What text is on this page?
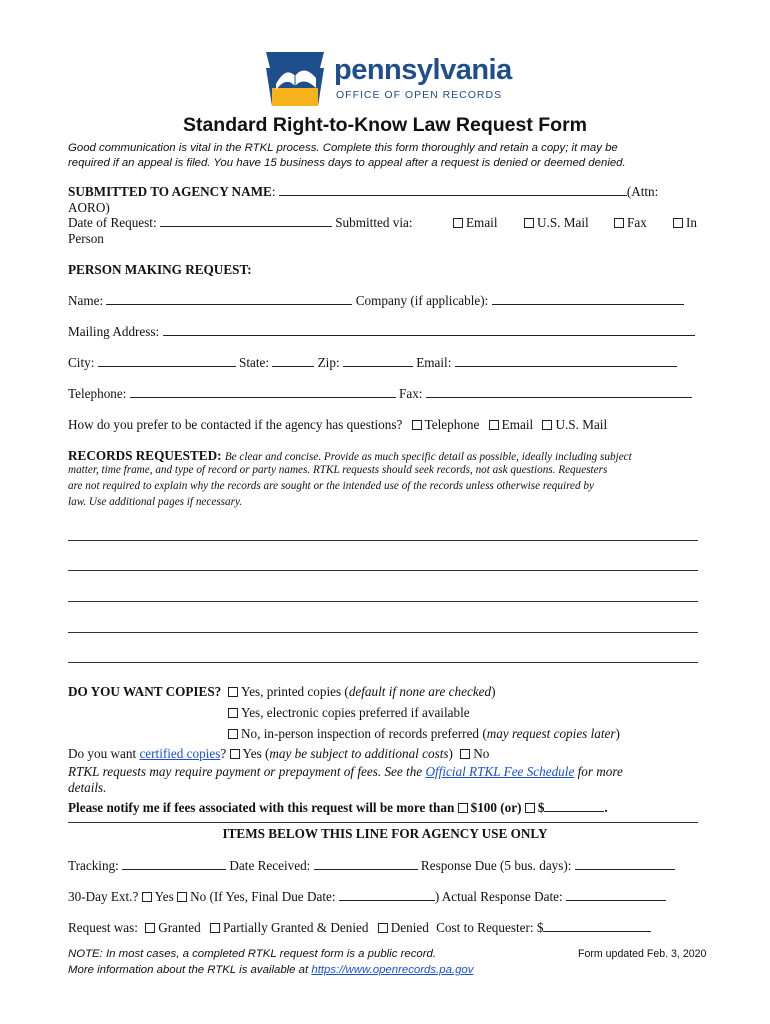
pennsylvania
OFFICE OF OPEN RECORDS
Standard Right-to-Know Law Request Form
Good communication is vital in the RTKL process. Complete this form thoroughly and retain a copy; it may be
required if an appeal is filed. You have 15 business days to appeal after a request is denied or deemed denied.
SUBMITTED TO AGENCY NAME:	(Attn: AORO)
Date of Request:	Submitted via:	Email	U.S. Mail	Fax	In
Person
PERSON MAKING REQUEST:
Name:	Company (if applicable):
Mailing Address:
City:	State:	Zip:	Email:
Telephone:	Fax:
How do you prefer to be contacted if the agency has questions? Telephone Email U.S. Mail
RECORDS REQUESTED: Be clear and concise. Provide as much specific detail as possible, ideally including subject
matter, time frame, and type of record or party names. RTKL requests should seek records, not ask questions. Requesters
are not required to explain why the records are sought or the intended use of the records unless otherwise required by
law. Use additional pages if necessary.
DO YOU WANT COPIES?	Yes, printed copies (default if none are checked)
Yes, electronic copies preferred if available
No, in-person inspection of records preferred (may request copies later)
Do you want certified copies? Yes (may be subject to additional costs) No
RTKL requests may require payment or prepayment of fees. See the Official RTKL Fee Schedule for more
details.
Please notify me if fees associated with this request will be more than $100 (or) $	.
ITEMS BELOW THIS LINE FOR AGENCY USE ONLY
Tracking:	Date Received:	Response Due (5 bus. days):
30-Day Ext.? Yes No (If Yes, Final Due Date:	) Actual Response Date:
Request was: Granted Partially Granted & Denied Denied Cost to Requester: $
NOTE: In most cases, a completed RTKL request form is a public record.
More information about the RTKL is available at https://www.openrecords.pa.gov
Form updated Feb. 3, 2020
